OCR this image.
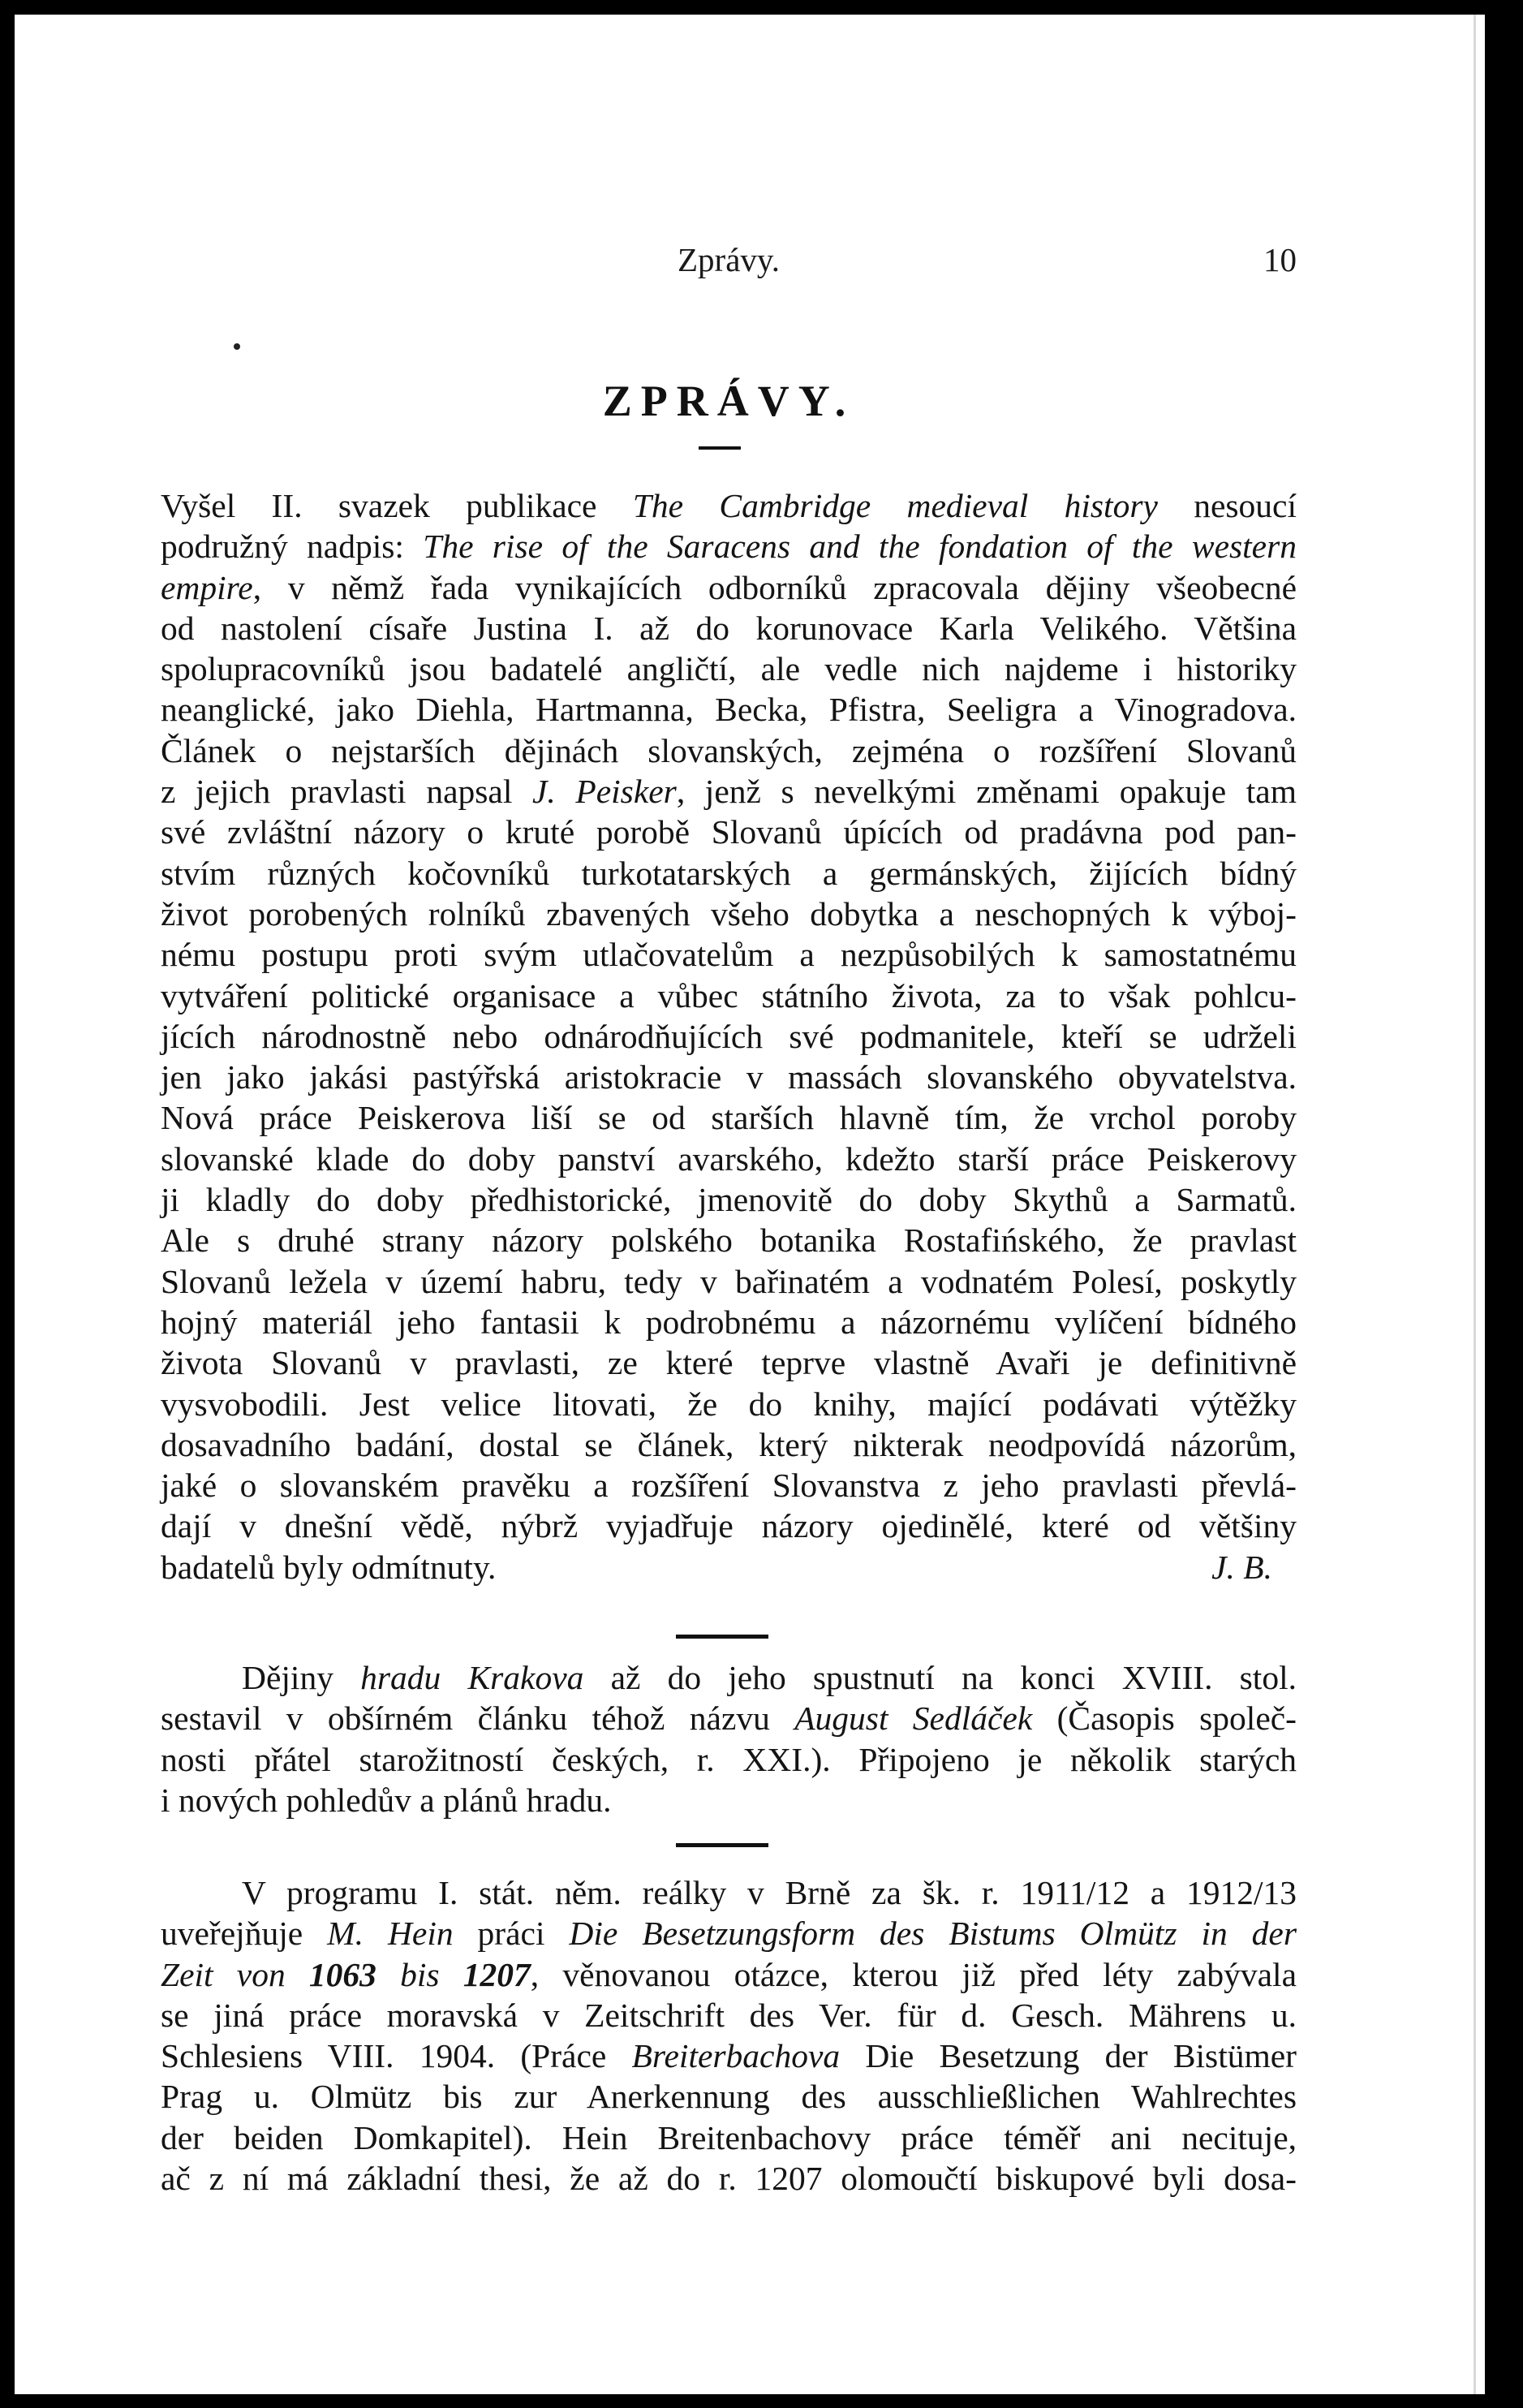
Zprávy.	10
ZPRÁVY.
Vyšel II. svazek publikace The Cambridge medieval history nesoucí
podružný nadpis: The rise of the Saracens and the fondation of the western
empire, v němž řada vynikajících odborníků zpracovala dějiny všeobecné
od nastolení císaře Justina I. až do korunovace Karla Velikého. Většina
spolupracovníků jsou badatelé angličtí, ale vedle nich najdeme i historiky
neanglické, jako Diehla, Hartmanna, Becka, Pfistra, Seeligra a Vinogradova.
Článek o nejstarších dějinách slovanských, zejména o rozšíření Slovanů
z jejich pravlasti napsal J. Peisker, jenž s nevelkými změnami opakuje tam
své zvláštní názory o kruté porobě Slovanů úpících od pradávna pod pan-
stvím různých kočovníků turkotatarských a germánských, žijících bídný
život porobených rolníků zbavených všeho dobytka a neschopných k výboj-
nému postupu proti svým utlačovatelům a nezpůsobilých k samostatnému
vytváření politické organisace a vůbec státního života, za to však pohlcu-
jících národnostně nebo odnárodňujících své podmanitele, kteří se udrželi
jen jako jakási pastýřská aristokracie v massách slovanského obyvatelstva.
Nová práce Peiskerova liší se od starších hlavně tím, že vrchol poroby
slovanské klade do doby panství avarského, kdežto starší práce Peiskerovy
ji kladly do doby předhistorické, jmenovitě do doby Skythů a Sarmatů.
Ale s druhé strany názory polského botanika Rostafińského, že pravlast
Slovanů ležela v území habru, tedy v bařinatém a vodnatém Polesí, poskytly
hojný materiál jeho fantasii k podrobnému a názornému vylíčení bídného
života Slovanů v pravlasti, ze které teprve vlastně Avaři je definitivně
vysvobodili. Jest velice litovati, že do knihy, mající podávati výtěžky
dosavadního badání, dostal se článek, který nikterak neodpovídá názorům,
jaké o slovanském pravěku a rozšíření Slovanstva z jeho pravlasti převlá-
dají v dnešní vědě, nýbrž vyjadřuje názory ojedinělé, které od většiny
badatelů byly odmítnuty.	J. B.
Dějiny hradu Krakova až do jeho spustnutí na konci XVIII. stol.
sestavil v obšírném článku téhož názvu August Sedláček (Časopis společ-
nosti přátel starožitností českých, r. XXI.). Připojeno je několik starých
i nových pohledův a plánů hradu.
V programu I. stát. něm. reálky v Brně za šk. r. 1911/12 a 1912/13
uveřejňuje M. Hein práci Die Besetzungsform des Bistums Olmütz in der
Zeit von 1063 bis 1207, věnovanou otázce, kterou již před léty zabývala
se jiná práce moravská v Zeitschrift des Ver. für d. Gesch. Mährens u.
Schlesiens VIII. 1904. (Práce Breiterbachova Die Besetzung der Bistümer
Prag u. Olmütz bis zur Anerkennung des ausschließlichen Wahlrechtes
der beiden Domkapitel). Hein Breitenbachovy práce téměř ani necituje,
ač z ní má základní thesi, že až do r. 1207 olomoučtí biskupové byli dosa-
